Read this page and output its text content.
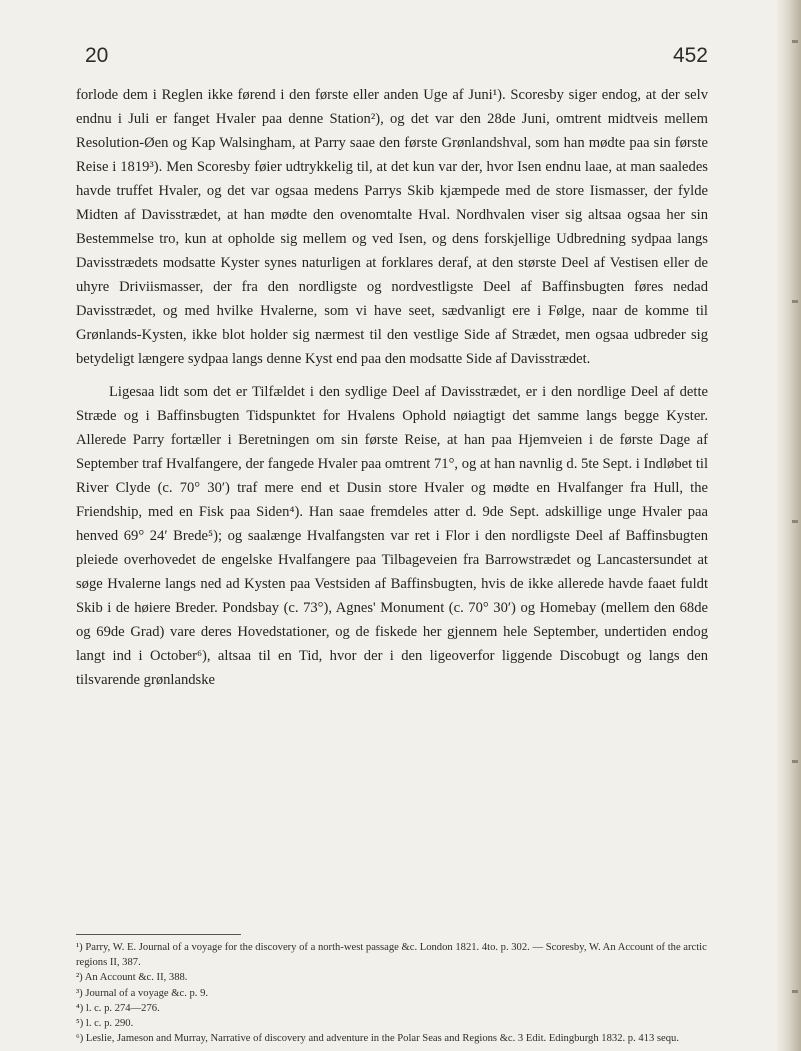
20	452

forlode dem i Reglen ikke førend i den første eller anden Uge af Juni¹). Scoresby siger endog, at der selv endnu i Juli er fanget Hvaler paa denne Station²), og det var den 28de Juni, omtrent midtveis mellem Resolution-Øen og Kap Walsingham, at Parry saae den første Grønlandshval, som han mødte paa sin første Reise i 1819³). Men Scoresby føier udtrykkelig til, at det kun var der, hvor Isen endnu laae, at man saaledes havde truffet Hvaler, og det var ogsaa medens Parrys Skib kjæmpede med de store Iismasser, der fylde Midten af Davisstrædet, at han mødte den ovenomtalte Hval. Nordhvalen viser sig altsaa ogsaa her sin Bestemmelse tro, kun at opholde sig mellem og ved Isen, og dens forskjellige Udbredning sydpaa langs Davisstrædets modsatte Kyster synes naturligen at forklares deraf, at den største Deel af Vestisen eller de uhyre Driviismasser, der fra den nordligste og nordvestligste Deel af Baffinsbugten føres nedad Davisstrædet, og med hvilke Hvalerne, som vi have seet, sædvanligt ere i Følge, naar de komme til Grønlands-Kysten, ikke blot holder sig nærmest til den vestlige Side af Strædet, men ogsaa udbreder sig betydeligt længere sydpaa langs denne Kyst end paa den modsatte Side af Davisstrædet.

Ligesaa lidt som det er Tilfældet i den sydlige Deel af Davisstrædet, er i den nordlige Deel af dette Stræde og i Baffinsbugten Tidspunktet for Hvalens Ophold nøiagtigt det samme langs begge Kyster. Allerede Parry fortæller i Beretningen om sin første Reise, at han paa Hjemveien i de første Dage af September traf Hvalfangere, der fangede Hvaler paa omtrent 71°, og at han navnlig d. 5te Sept. i Indløbet til River Clyde (c. 70° 30′) traf mere end et Dusin store Hvaler og mødte en Hvalfanger fra Hull, the Friendship, med en Fisk paa Siden⁴). Han saae fremdeles atter d. 9de Sept. adskillige unge Hvaler paa henved 69° 24′ Brede⁵); og saalænge Hvalfangsten var ret i Flor i den nordligste Deel af Baffinsbugten pleiede overhovedet de engelske Hvalfangere paa Tilbageveien fra Barrowstrædet og Lancastersundet at søge Hvalerne langs ned ad Kysten paa Vestsiden af Baffinsbugten, hvis de ikke allerede havde faaet fuldt Skib i de høiere Breder. Pondsbay (c. 73°), Agnes' Monument (c. 70° 30′) og Homebay (mellem den 68de og 69de Grad) vare deres Hovedstationer, og de fiskede her gjennem hele September, undertiden endog langt ind i October⁶), altsaa til en Tid, hvor der i den ligeoverfor liggende Discobugt og langs den tilsvarende grønlandske

¹) Parry, W. E. Journal of a voyage for the discovery of a north-west passage &c. London 1821. 4to. p. 302. — Scoresby, W. An Account of the arctic regions II, 387.
²) An Account &c. II, 388.
³) Journal of a voyage &c. p. 9.
⁴) l. c. p. 274—276.
⁵) l. c. p. 290.
⁶) Leslie, Jameson and Murray, Narrative of discovery and adventure in the Polar Seas and Regions &c. 3 Edit. Edingburgh 1832. p. 413 sequ.
